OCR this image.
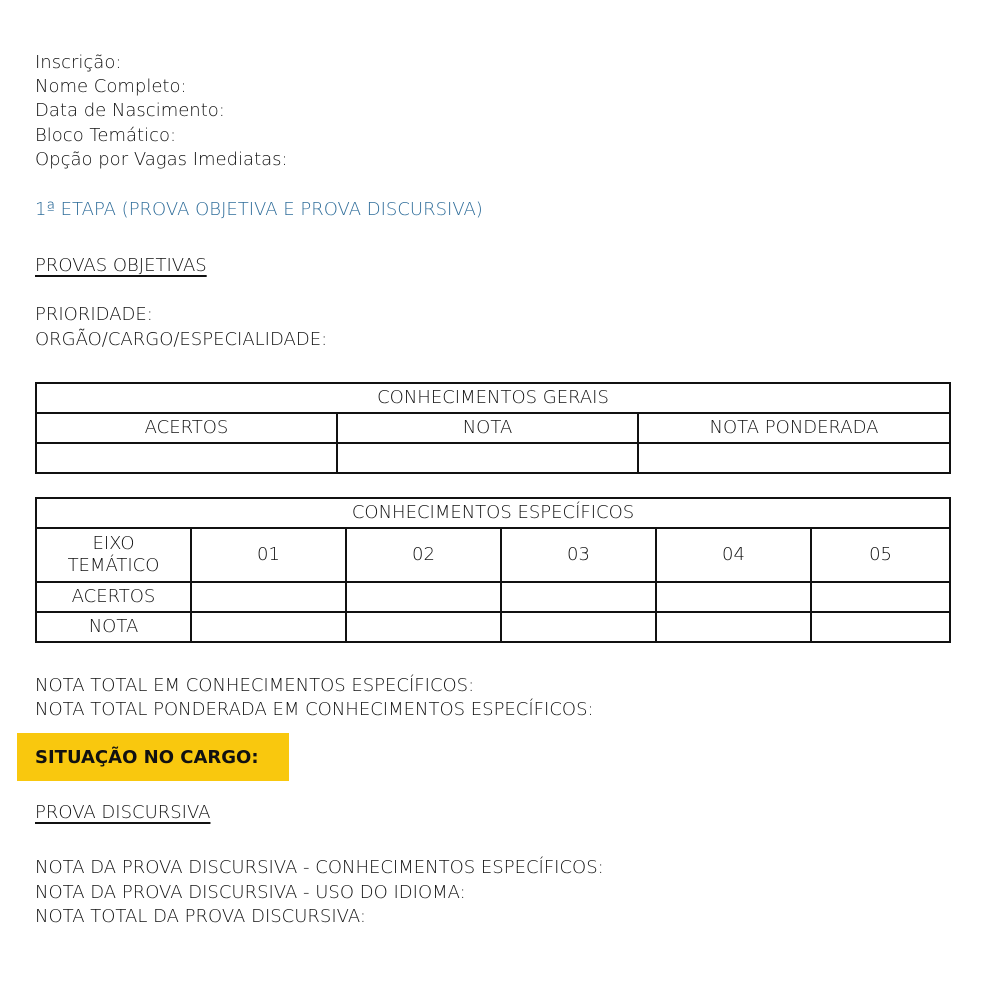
Inscrição:
Nome Completo:
Data de Nascimento:
Bloco Temático:
Opção por Vagas Imediatas:
1ª ETAPA (PROVA OBJETIVA E PROVA DISCURSIVA)
PROVAS OBJETIVAS
PRIORIDADE:
ORGÃO/CARGO/ESPECIALIDADE:
CONHECIMENTOS GERAIS		
ACERTOS	NOTA	NOTA PONDERADA

CONHECIMENTOS ESPECÍFICOS					
EIXO
TEMÁTICO	01	02	03	04	05
ACERTOS					
NOTA					
NOTA TOTAL EM CONHECIMENTOS ESPECÍFICOS:
NOTA TOTAL PONDERADA EM CONHECIMENTOS ESPECÍFICOS:
SITUAÇÃO NO CARGO:
PROVA DISCURSIVA
NOTA DA PROVA DISCURSIVA - CONHECIMENTOS ESPECÍFICOS:
NOTA DA PROVA DISCURSIVA - USO DO IDIOMA:
NOTA TOTAL DA PROVA DISCURSIVA:
